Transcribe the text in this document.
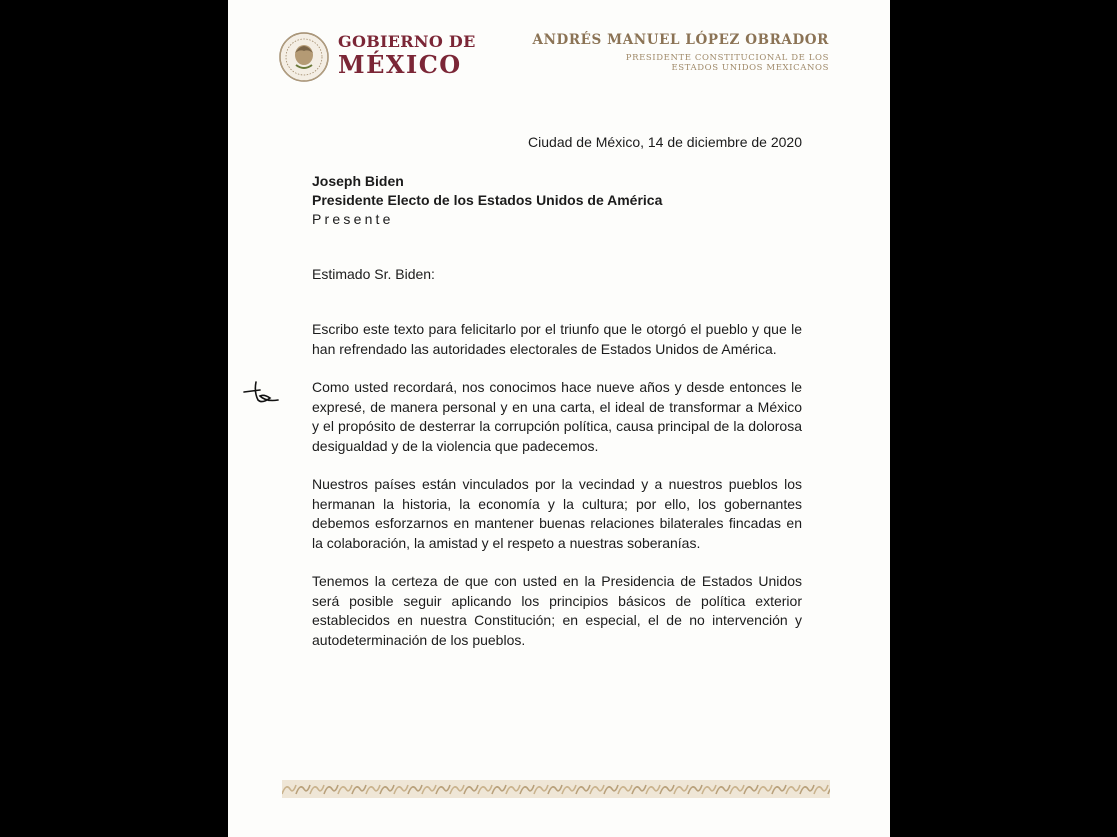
GOBIERNO DE
MÉXICO
ANDRÉS MANUEL LÓPEZ OBRADOR
PRESIDENTE CONSTITUCIONAL DE LOS
ESTADOS UNIDOS MEXICANOS
Ciudad de México, 14 de diciembre de 2020
Joseph Biden
Presidente Electo de los Estados Unidos de América
Presente
Estimado Sr. Biden:

Escribo este texto para felicitarlo por el triunfo que le otorgó el pueblo y que le han refrendado las autoridades electorales de Estados Unidos de América.

Como usted recordará, nos conocimos hace nueve años y desde entonces le expresé, de manera personal y en una carta, el ideal de transformar a México y el propósito de desterrar la corrupción política, causa principal de la dolorosa desigualdad y de la violencia que padecemos.

Nuestros países están vinculados por la vecindad y a nuestros pueblos los hermanan la historia, la economía y la cultura; por ello, los gobernantes debemos esforzarnos en mantener buenas relaciones bilaterales fincadas en la colaboración, la amistad y el respeto a nuestras soberanías.

Tenemos la certeza de que con usted en la Presidencia de Estados Unidos será posible seguir aplicando los principios básicos de política exterior establecidos en nuestra Constitución; en especial, el de no intervención y autodeterminación de los pueblos.
